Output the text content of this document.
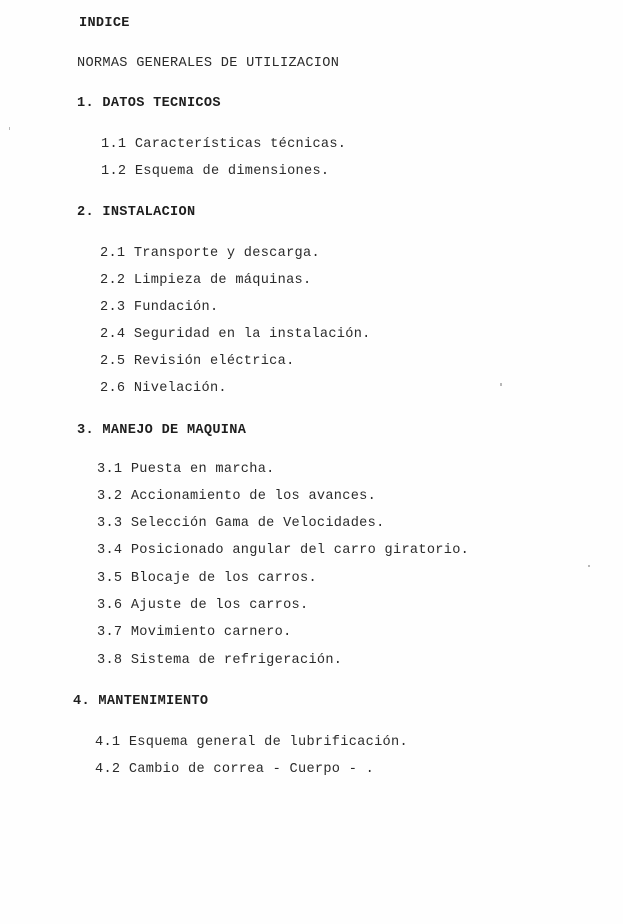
INDICE
NORMAS GENERALES DE UTILIZACION
1. DATOS TECNICOS
1.1 Características técnicas.
1.2 Esquema de dimensiones.
2. INSTALACION
2.1 Transporte y descarga.
2.2 Limpieza de máquinas.
2.3 Fundación.
2.4 Seguridad en la instalación.
2.5 Revisión eléctrica.
2.6 Nivelación.
3. MANEJO DE MAQUINA
3.1 Puesta en marcha.
3.2 Accionamiento de los avances.
3.3 Selección Gama de Velocidades.
3.4 Posicionado angular del carro giratorio.
3.5 Blocaje de los carros.
3.6 Ajuste de los carros.
3.7 Movimiento carnero.
3.8 Sistema de refrigeración.
4. MANTENIMIENTO
4.1 Esquema general de lubrificación.
4.2 Cambio de correa - Cuerpo - .
